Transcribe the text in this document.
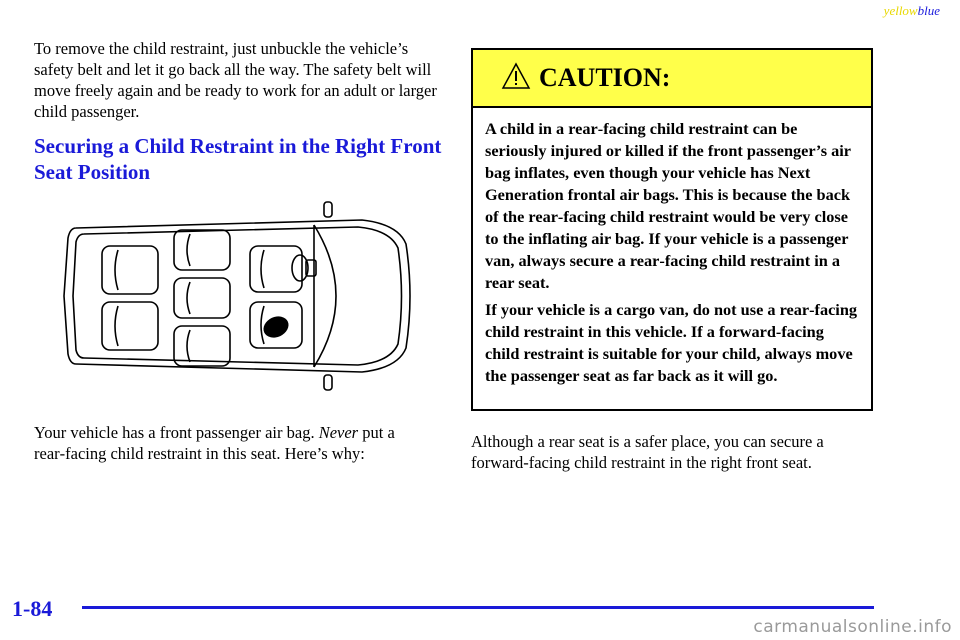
yellowblue

To remove the child restraint, just unbuckle the vehicle’s safety belt and let it go back all the way. The safety belt will move freely again and be ready to work for an adult or larger child passenger.

Securing a Child Restraint in the Right Front Seat Position

Your vehicle has a front passenger air bag. Never put a rear‑facing child restraint in this seat. Here’s why:

CAUTION:

A child in a rear‑facing child restraint can be seriously injured or killed if the front passenger’s air bag inflates, even though your vehicle has Next Generation frontal air bags. This is because the back of the rear‑facing child restraint would be very close to the inflating air bag. If your vehicle is a passenger van, always secure a rear‑facing child restraint in a rear seat.

If your vehicle is a cargo van, do not use a rear‑facing child restraint in this vehicle. If a forward‑facing child restraint is suitable for your child, always move the passenger seat as far back as it will go.

Although a rear seat is a safer place, you can secure a forward‑facing child restraint in the right front seat.

1-84
carmanualsonline.info
